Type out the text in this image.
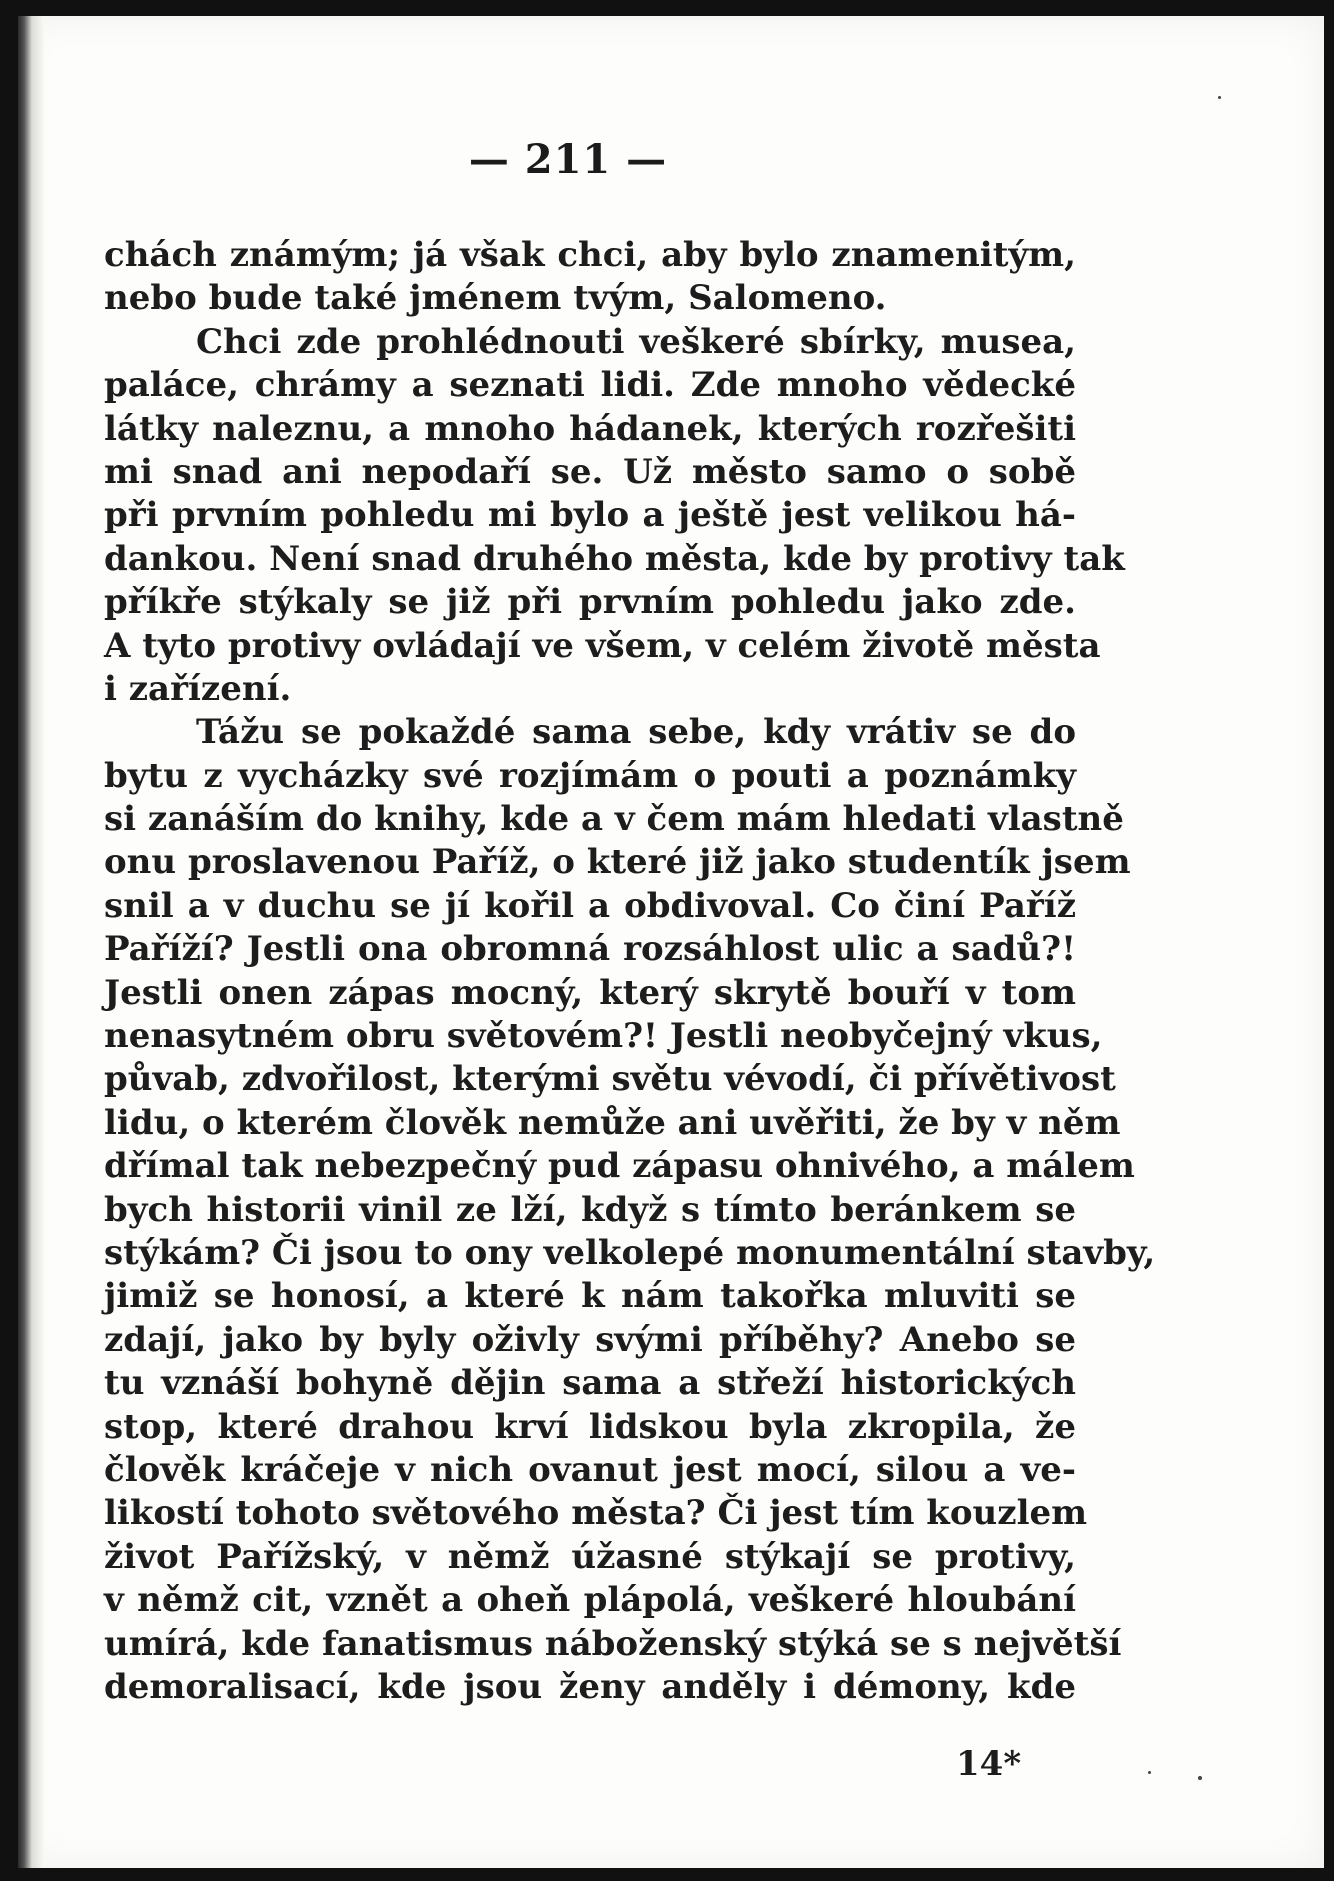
— 211 —
chách známým; já však chci, aby bylo znamenitým,
nebo bude také jménem tvým, Salomeno.
Chci zde prohlédnouti veškeré sbírky, musea,
paláce, chrámy a seznati lidi. Zde mnoho vědecké
látky naleznu, a mnoho hádanek, kterých rozřešiti
mi snad ani nepodaří se. Už město samo o sobě
při prvním pohledu mi bylo a ještě jest velikou há-
dankou. Není snad druhého města, kde by protivy tak
příkře stýkaly se již při prvním pohledu jako zde.
A tyto protivy ovládají ve všem, v celém životě města
i zařízení.
Tážu se pokaždé sama sebe, kdy vrátiv se do
bytu z vycházky své rozjímám o pouti a poznámky
si zanáším do knihy, kde a v čem mám hledati vlastně
onu proslavenou Paříž, o které již jako studentík jsem
snil a v duchu se jí kořil a obdivoval. Co činí Paříž
Paříží? Jestli ona obromná rozsáhlost ulic a sadů?!
Jestli onen zápas mocný, který skrytě bouří v tom
nenasytném obru světovém?! Jestli neobyčejný vkus,
půvab, zdvořilost, kterými světu vévodí, či přívětivost
lidu, o kterém člověk nemůže ani uvěřiti, že by v něm
dřímal tak nebezpečný pud zápasu ohnivého, a málem
bych historii vinil ze lží, když s tímto beránkem se
stýkám? Či jsou to ony velkolepé monumentální stavby,
jimiž se honosí, a které k nám takořka mluviti se
zdají, jako by byly oživly svými příběhy? Anebo se
tu vznáší bohyně dějin sama a střeží historických
stop, které drahou krví lidskou byla zkropila, že
člověk kráčeje v nich ovanut jest mocí, silou a ve-
likostí tohoto světového města? Či jest tím kouzlem
život Pařížský, v němž úžasné stýkají se protivy,
v němž cit, vznět a oheň plápolá, veškeré hloubání
umírá, kde fanatismus náboženský stýká se s největší
demoralisací, kde jsou ženy anděly i démony, kde
14*
